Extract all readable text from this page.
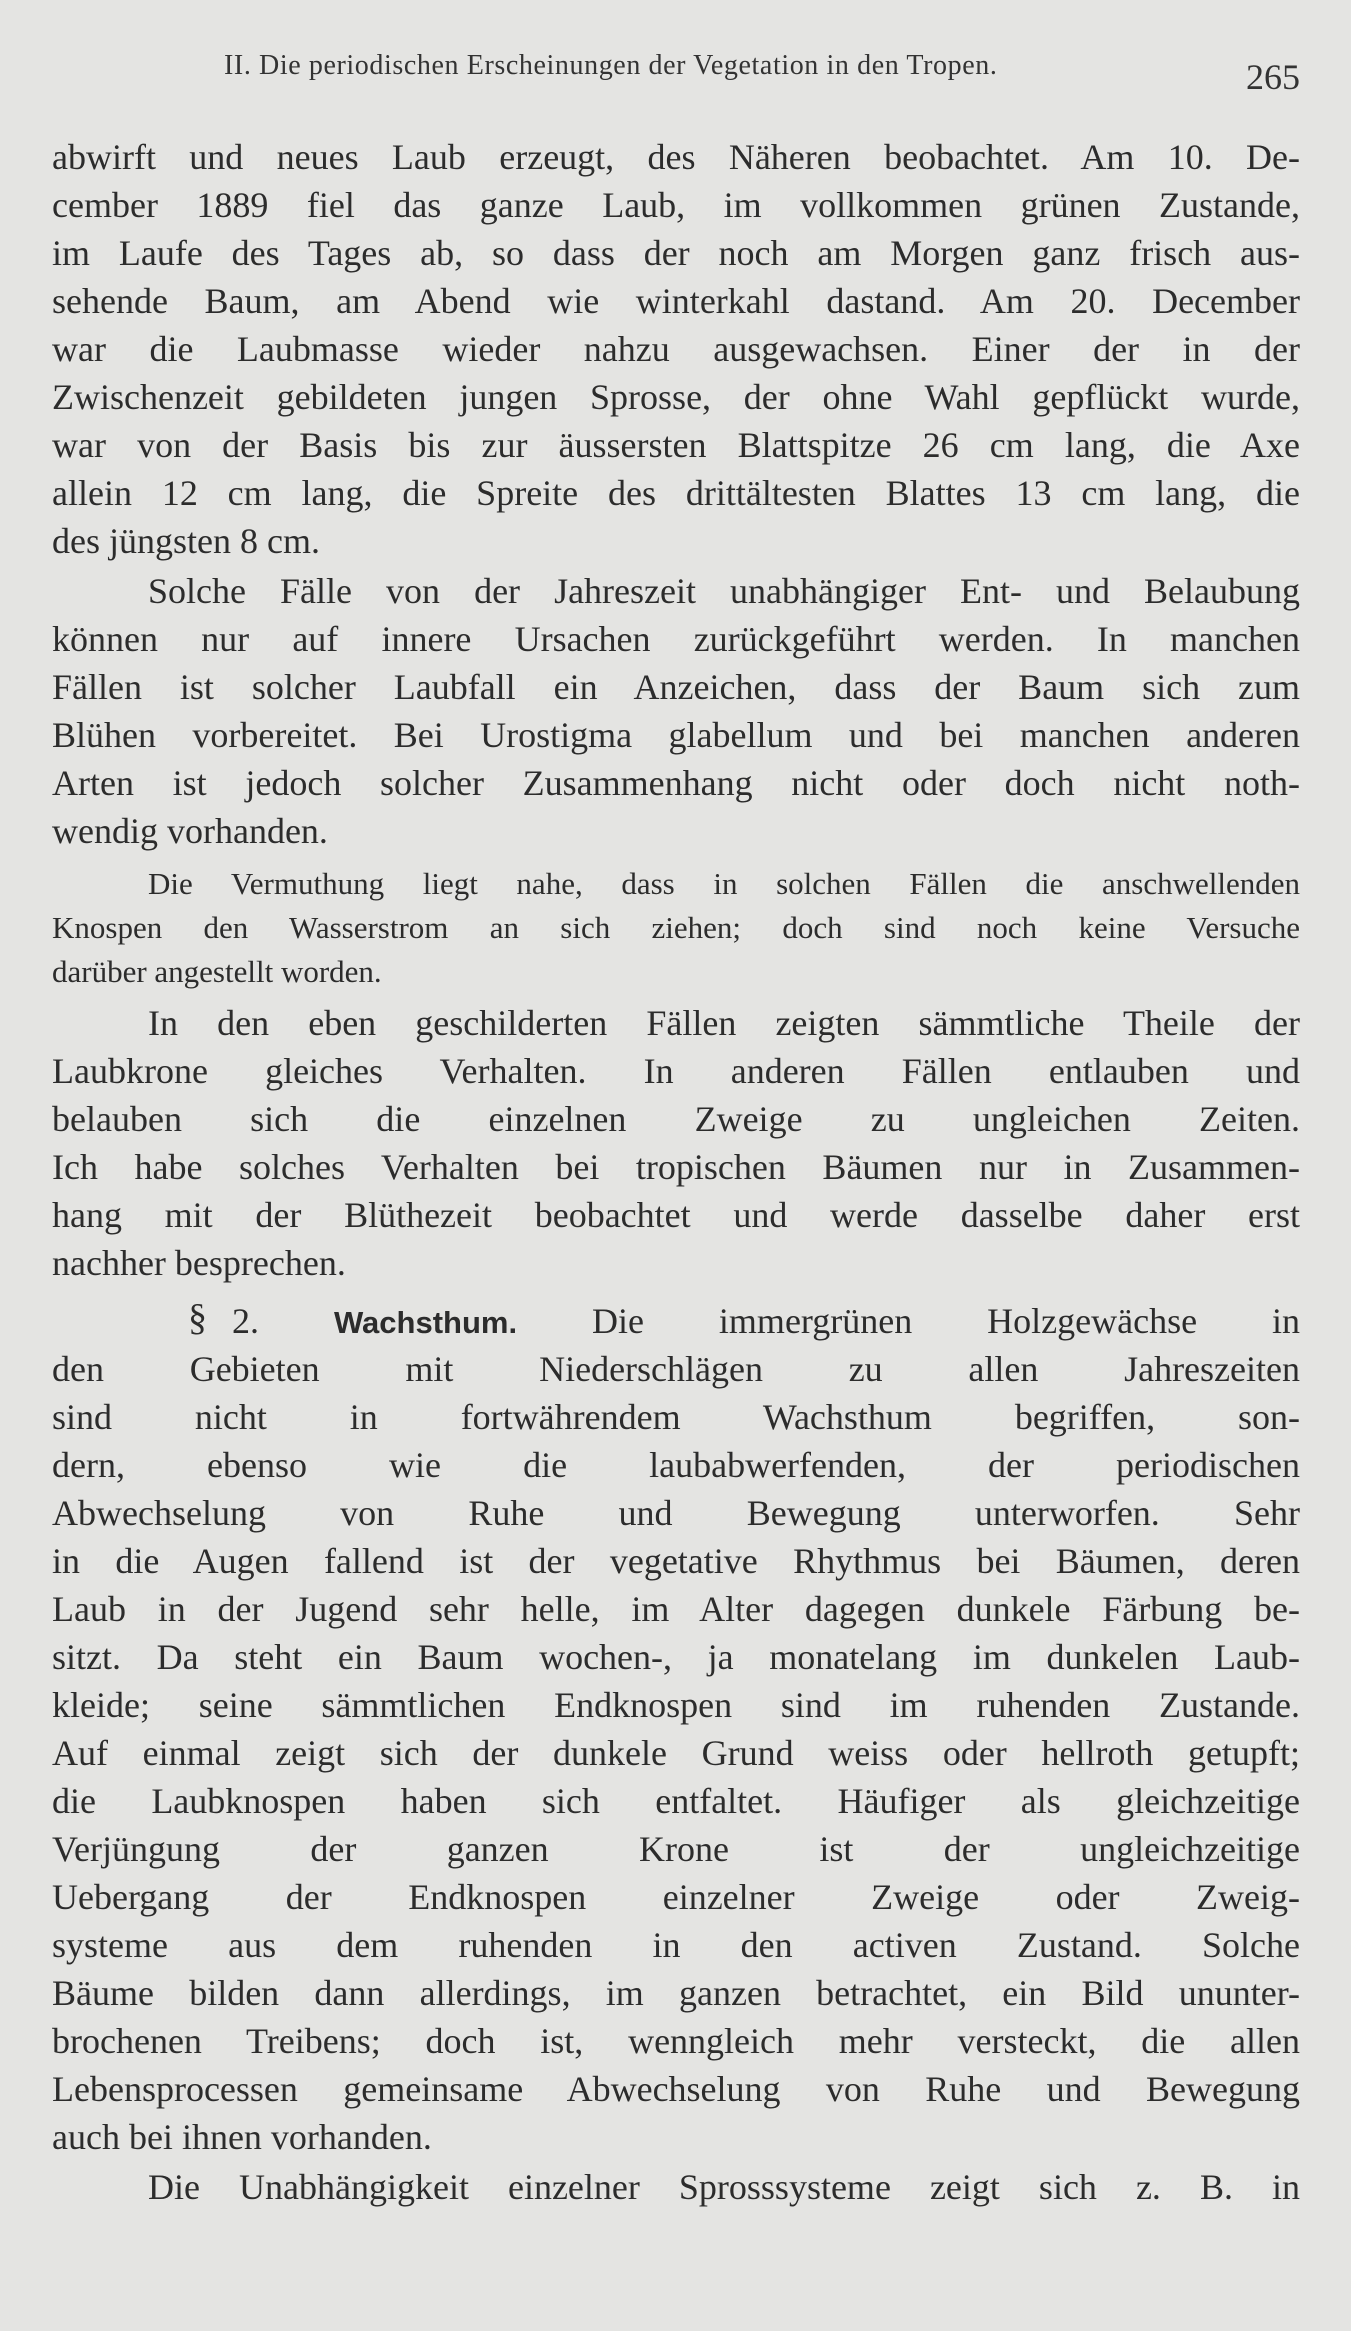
II. Die periodischen Erscheinungen der Vegetation in den Tropen.	265
abwirft und neues Laub erzeugt, des Näheren beobachtet. Am 10. De-
cember 1889 fiel das ganze Laub, im vollkommen grünen Zustande,
im Laufe des Tages ab, so dass der noch am Morgen ganz frisch aus-
sehende Baum, am Abend wie winterkahl dastand. Am 20. December
war die Laubmasse wieder nahzu ausgewachsen. Einer der in der
Zwischenzeit gebildeten jungen Sprosse, der ohne Wahl gepflückt wurde,
war von der Basis bis zur äussersten Blattspitze 26 cm lang, die Axe
allein 12 cm lang, die Spreite des drittältesten Blattes 13 cm lang, die
des jüngsten 8 cm.
Solche Fälle von der Jahreszeit unabhängiger Ent- und Belaubung
können nur auf innere Ursachen zurückgeführt werden. In manchen
Fällen ist solcher Laubfall ein Anzeichen, dass der Baum sich zum
Blühen vorbereitet. Bei Urostigma glabellum und bei manchen anderen
Arten ist jedoch solcher Zusammenhang nicht oder doch nicht noth-
wendig vorhanden.
Die Vermuthung liegt nahe, dass in solchen Fällen die anschwellenden
Knospen den Wasserstrom an sich ziehen; doch sind noch keine Versuche
darüber angestellt worden.
In den eben geschilderten Fällen zeigten sämmtliche Theile der
Laubkrone gleiches Verhalten. In anderen Fällen entlauben und
belauben sich die einzelnen Zweige zu ungleichen Zeiten.
Ich habe solches Verhalten bei tropischen Bäumen nur in Zusammen-
hang mit der Blüthezeit beobachtet und werde dasselbe daher erst
nachher besprechen.
§ 2. Wachsthum. Die immergrünen Holzgewächse in
den Gebieten mit Niederschlägen zu allen Jahreszeiten
sind nicht in fortwährendem Wachsthum begriffen, son-
dern, ebenso wie die laubabwerfenden, der periodischen
Abwechselung von Ruhe und Bewegung unterworfen. Sehr
in die Augen fallend ist der vegetative Rhythmus bei Bäumen, deren
Laub in der Jugend sehr helle, im Alter dagegen dunkele Färbung be-
sitzt. Da steht ein Baum wochen-, ja monatelang im dunkelen Laub-
kleide; seine sämmtlichen Endknospen sind im ruhenden Zustande.
Auf einmal zeigt sich der dunkele Grund weiss oder hellroth getupft;
die Laubknospen haben sich entfaltet. Häufiger als gleichzeitige
Verjüngung der ganzen Krone ist der ungleichzeitige
Uebergang der Endknospen einzelner Zweige oder Zweig-
systeme aus dem ruhenden in den activen Zustand. Solche
Bäume bilden dann allerdings, im ganzen betrachtet, ein Bild ununter-
brochenen Treibens; doch ist, wenngleich mehr versteckt, die allen
Lebensprocessen gemeinsame Abwechselung von Ruhe und Bewegung
auch bei ihnen vorhanden.
Die Unabhängigkeit einzelner Sprosssysteme zeigt sich z. B. in
